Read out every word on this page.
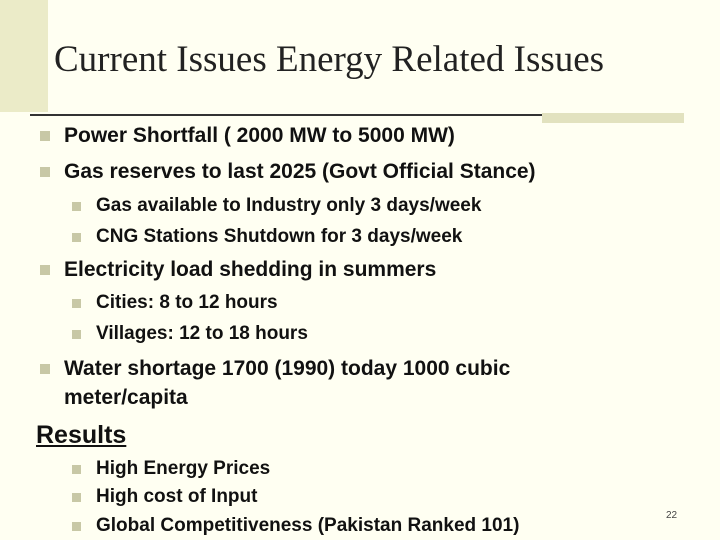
Current Issues Energy Related Issues
Power Shortfall ( 2000 MW to 5000 MW)
Gas reserves to last 2025 (Govt Official Stance)
Gas available to Industry only 3 days/week
CNG Stations Shutdown for 3 days/week
Electricity load shedding in summers
Cities: 8 to 12 hours
Villages: 12 to 18 hours
Water shortage 1700 (1990) today 1000 cubic
meter/capita
Results
High Energy Prices
High cost of Input
Global Competitiveness (Pakistan Ranked 101)	22
